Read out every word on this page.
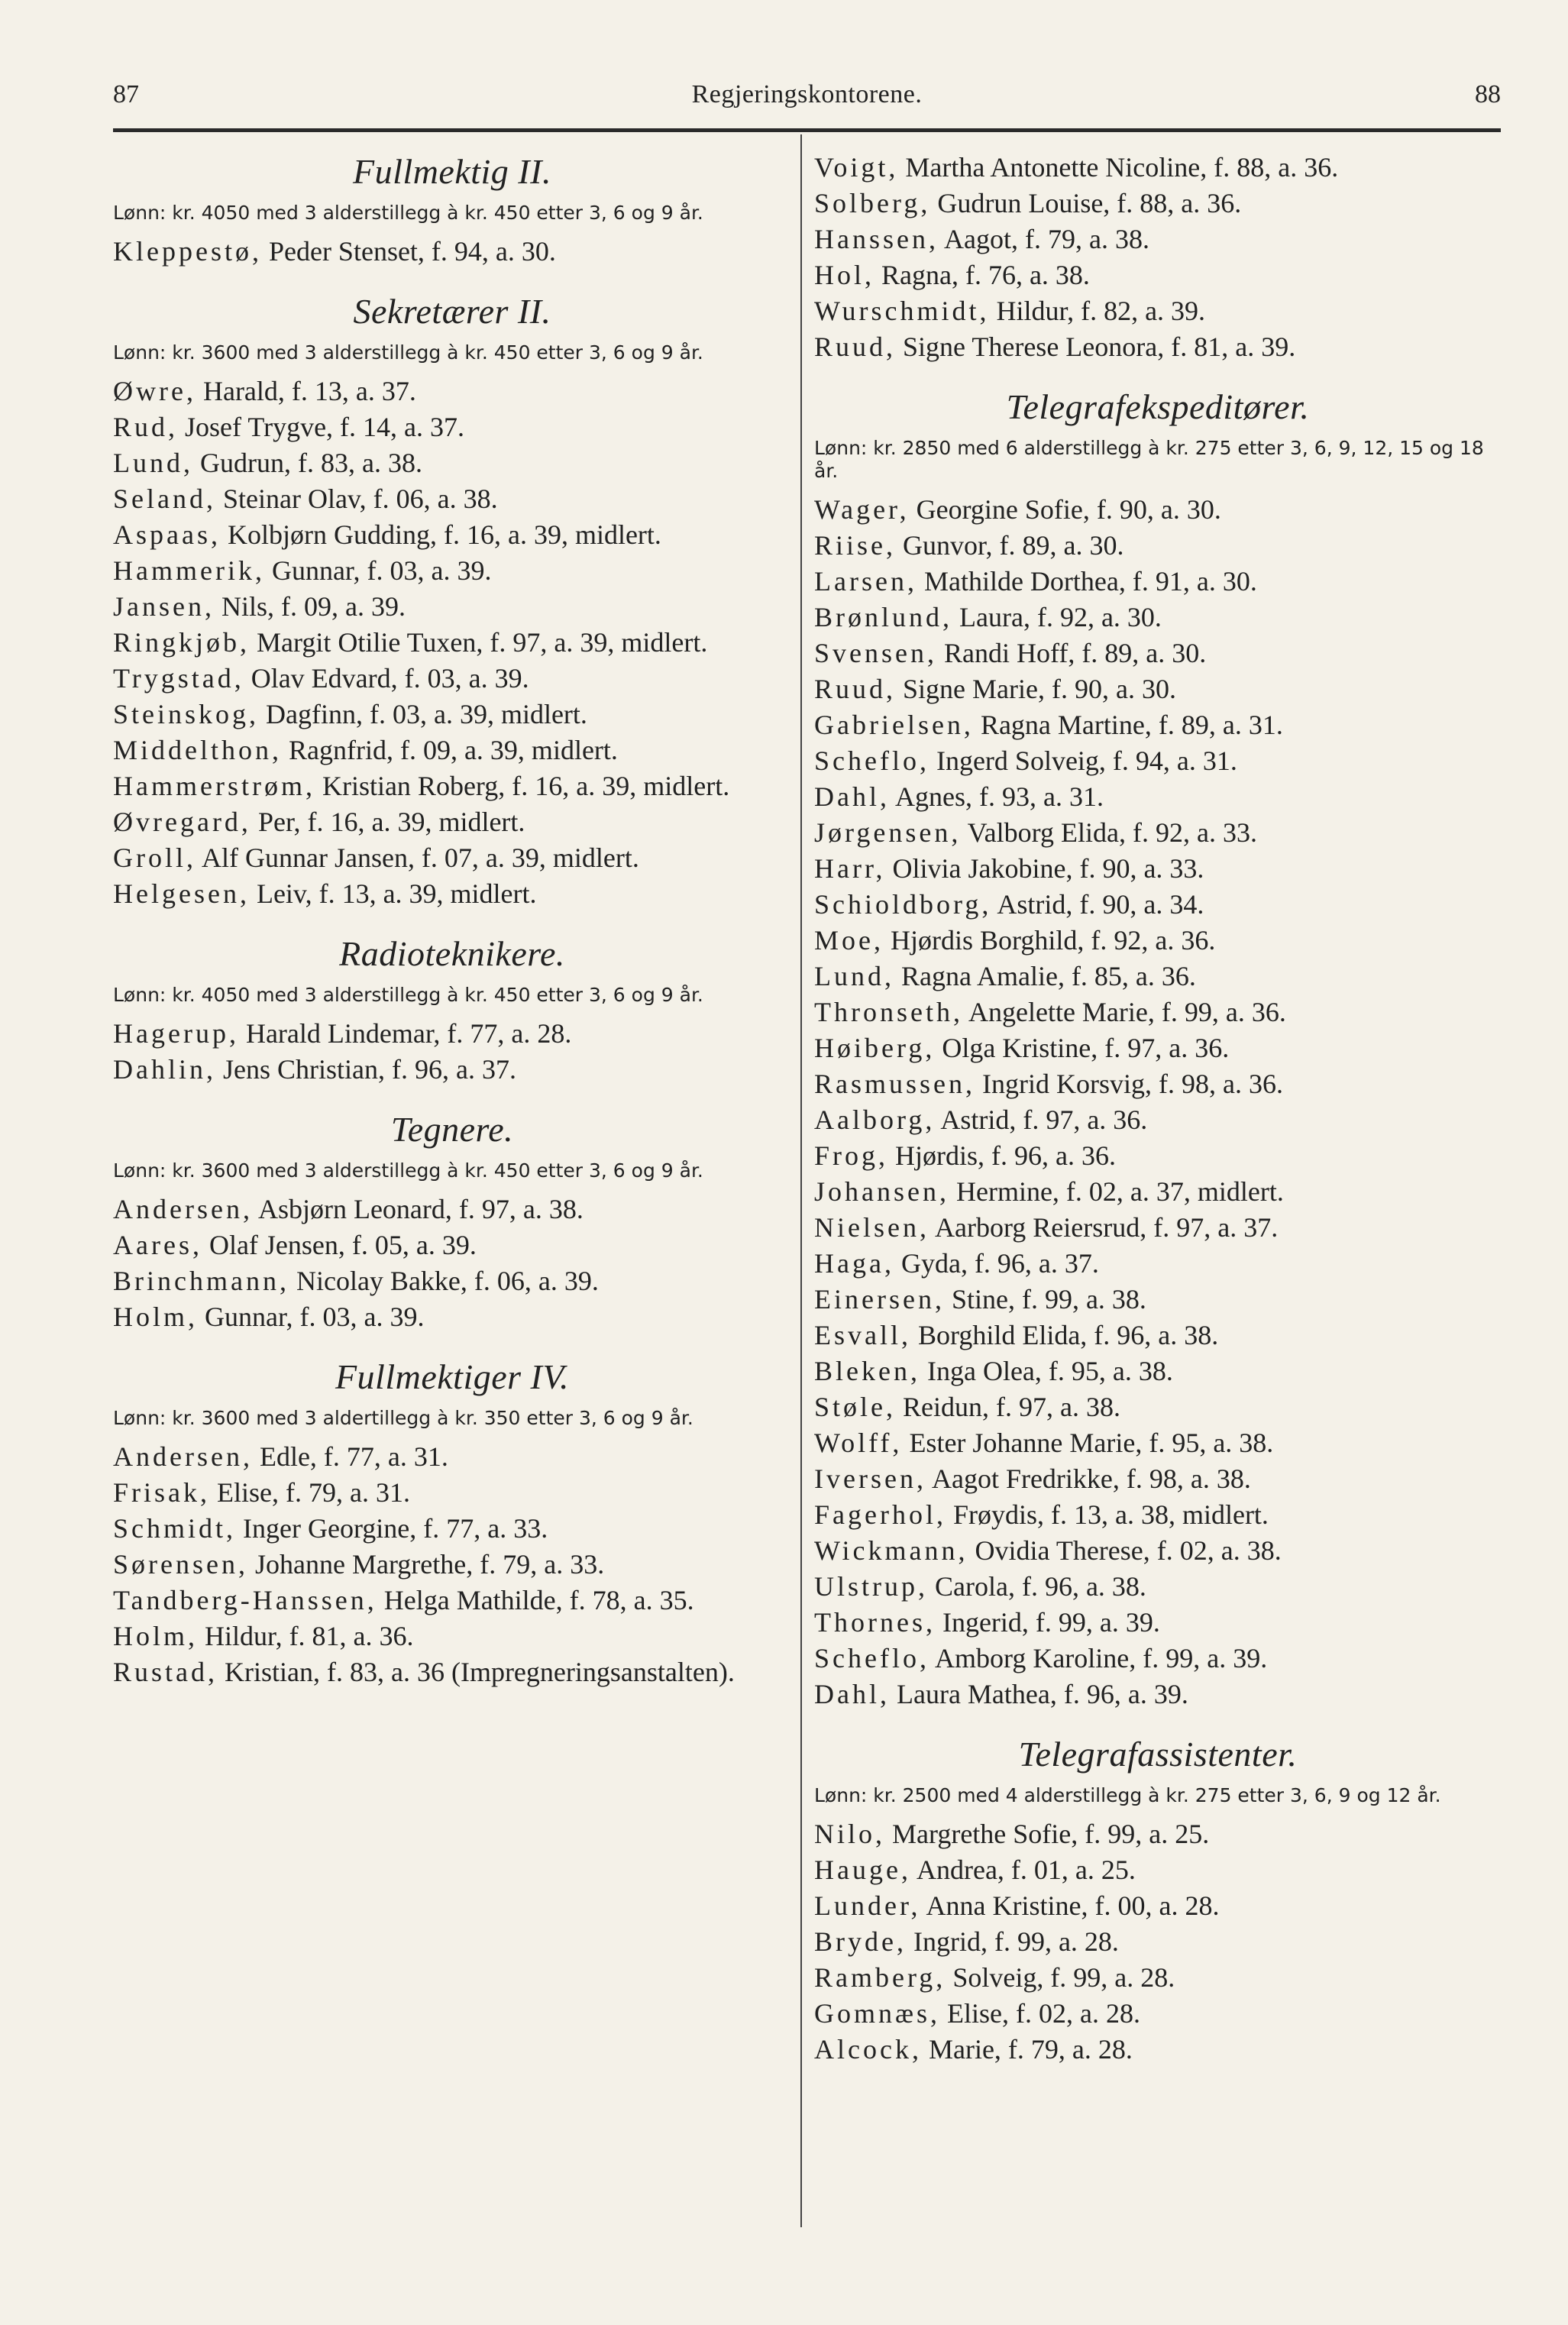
87	Regjeringskontorene.	88
Fullmektig II.
Lønn: kr. 4050 med 3 alderstillegg à kr. 450 etter 3, 6 og 9 år.
Kleppestø, Peder Stenset, f. 94, a. 30.
Sekretærer II.
Lønn: kr. 3600 med 3 alderstillegg à kr. 450 etter 3, 6 og 9 år.
Øwre, Harald, f. 13, a. 37.
Rud, Josef Trygve, f. 14, a. 37.
Lund, Gudrun, f. 83, a. 38.
Seland, Steinar Olav, f. 06, a. 38.
Aspaas, Kolbjørn Gudding, f. 16, a. 39, midlert.
Hammerik, Gunnar, f. 03, a. 39.
Jansen, Nils, f. 09, a. 39.
Ringkjøb, Margit Otilie Tuxen, f. 97, a. 39, midlert.
Trygstad, Olav Edvard, f. 03, a. 39.
Steinskog, Dagfinn, f. 03, a. 39, midlert.
Middelthon, Ragnfrid, f. 09, a. 39, midlert.
Hammerstrøm, Kristian Roberg, f. 16, a. 39, midlert.
Øvregard, Per, f. 16, a. 39, midlert.
Groll, Alf Gunnar Jansen, f. 07, a. 39, midlert.
Helgesen, Leiv, f. 13, a. 39, midlert.
Radioteknikere.
Lønn: kr. 4050 med 3 alderstillegg à kr. 450 etter 3, 6 og 9 år.
Hagerup, Harald Lindemar, f. 77, a. 28.
Dahlin, Jens Christian, f. 96, a. 37.
Tegnere.
Lønn: kr. 3600 med 3 alderstillegg à kr. 450 etter 3, 6 og 9 år.
Andersen, Asbjørn Leonard, f. 97, a. 38.
Aares, Olaf Jensen, f. 05, a. 39.
Brinchmann, Nicolay Bakke, f. 06, a. 39.
Holm, Gunnar, f. 03, a. 39.
Fullmektiger IV.
Lønn: kr. 3600 med 3 aldertillegg à kr. 350 etter 3, 6 og 9 år.
Andersen, Edle, f. 77, a. 31.
Frisak, Elise, f. 79, a. 31.
Schmidt, Inger Georgine, f. 77, a. 33.
Sørensen, Johanne Margrethe, f. 79, a. 33.
Tandberg-Hanssen, Helga Mathilde, f. 78, a. 35.
Holm, Hildur, f. 81, a. 36.
Rustad, Kristian, f. 83, a. 36 (Impregneringsanstalten).
Voigt, Martha Antonette Nicoline, f. 88, a. 36.
Solberg, Gudrun Louise, f. 88, a. 36.
Hanssen, Aagot, f. 79, a. 38.
Hol, Ragna, f. 76, a. 38.
Wurschmidt, Hildur, f. 82, a. 39.
Ruud, Signe Therese Leonora, f. 81, a. 39.
Telegrafekspeditører.
Lønn: kr. 2850 med 6 alderstillegg à kr. 275 etter 3, 6, 9, 12, 15 og 18 år.
Wager, Georgine Sofie, f. 90, a. 30.
Riise, Gunvor, f. 89, a. 30.
Larsen, Mathilde Dorthea, f. 91, a. 30.
Brønlund, Laura, f. 92, a. 30.
Svensen, Randi Hoff, f. 89, a. 30.
Ruud, Signe Marie, f. 90, a. 30.
Gabrielsen, Ragna Martine, f. 89, a. 31.
Scheflo, Ingerd Solveig, f. 94, a. 31.
Dahl, Agnes, f. 93, a. 31.
Jørgensen, Valborg Elida, f. 92, a. 33.
Harr, Olivia Jakobine, f. 90, a. 33.
Schioldborg, Astrid, f. 90, a. 34.
Moe, Hjørdis Borghild, f. 92, a. 36.
Lund, Ragna Amalie, f. 85, a. 36.
Thronseth, Angelette Marie, f. 99, a. 36.
Høiberg, Olga Kristine, f. 97, a. 36.
Rasmussen, Ingrid Korsvig, f. 98, a. 36.
Aalborg, Astrid, f. 97, a. 36.
Frog, Hjørdis, f. 96, a. 36.
Johansen, Hermine, f. 02, a. 37, midlert.
Nielsen, Aarborg Reiersrud, f. 97, a. 37.
Haga, Gyda, f. 96, a. 37.
Einersen, Stine, f. 99, a. 38.
Esvall, Borghild Elida, f. 96, a. 38.
Bleken, Inga Olea, f. 95, a. 38.
Støle, Reidun, f. 97, a. 38.
Wolff, Ester Johanne Marie, f. 95, a. 38.
Iversen, Aagot Fredrikke, f. 98, a. 38.
Fagerhol, Frøydis, f. 13, a. 38, midlert.
Wickmann, Ovidia Therese, f. 02, a. 38.
Ulstrup, Carola, f. 96, a. 38.
Thornes, Ingerid, f. 99, a. 39.
Scheflo, Amborg Karoline, f. 99, a. 39.
Dahl, Laura Mathea, f. 96, a. 39.
Telegrafassistenter.
Lønn: kr. 2500 med 4 alderstillegg à kr. 275 etter 3, 6, 9 og 12 år.
Nilo, Margrethe Sofie, f. 99, a. 25.
Hauge, Andrea, f. 01, a. 25.
Lunder, Anna Kristine, f. 00, a. 28.
Bryde, Ingrid, f. 99, a. 28.
Ramberg, Solveig, f. 99, a. 28.
Gomnæs, Elise, f. 02, a. 28.
Alcock, Marie, f. 79, a. 28.
